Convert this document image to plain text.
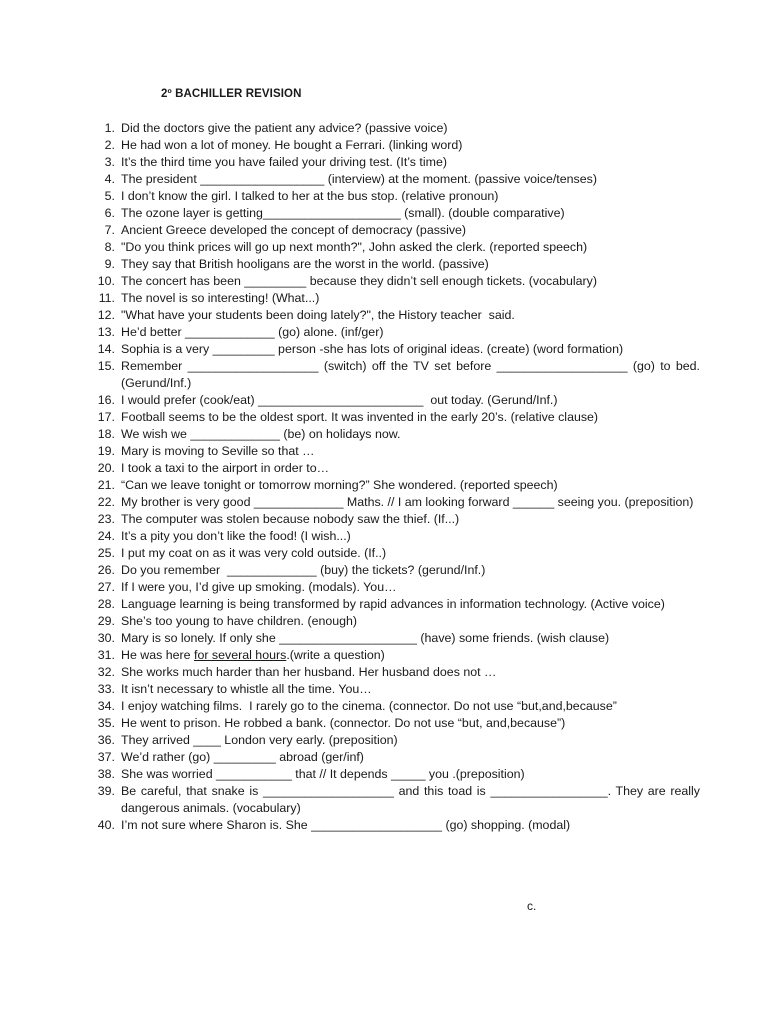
2º BACHILLER REVISION
1. Did the doctors give the patient any advice? (passive voice)
2. He had won a lot of money. He bought a Ferrari. (linking word)
3. It’s the third time you have failed your driving test. (It’s time)
4. The president __________________ (interview) at the moment. (passive voice/tenses)
5. I don’t know the girl. I talked to her at the bus stop. (relative pronoun)
6. The ozone layer is getting____________________ (small). (double comparative)
7. Ancient Greece developed the concept of democracy (passive)
8. "Do you think prices will go up next month?", John asked the clerk. (reported speech)
9. They say that British hooligans are the worst in the world. (passive)
10. The concert has been _________ because they didn’t sell enough tickets. (vocabulary)
11. The novel is so interesting! (What...)
12. "What have your students been doing lately?", the History teacher  said.
13. He’d better _____________ (go) alone. (inf/ger)
14. Sophia is a very _________ person -she has lots of original ideas. (create) (word formation)
15. Remember ___________________ (switch) off the TV set before ___________________ (go) to bed. (Gerund/Inf.)
16. I would prefer (cook/eat) ________________________  out today. (Gerund/Inf.)
17. Football seems to be the oldest sport. It was invented in the early 20’s. (relative clause)
18. We wish we _____________ (be) on holidays now.
19. Mary is moving to Seville so that …
20. I took a taxi to the airport in order to…
21. “Can we leave tonight or tomorrow morning?” She wondered. (reported speech)
22. My brother is very good _____________ Maths. // I am looking forward ______ seeing you. (preposition)
23. The computer was stolen because nobody saw the thief. (If...)
24. It’s a pity you don’t like the food! (I wish...)
25. I put my coat on as it was very cold outside. (If..)
26. Do you remember  _____________ (buy) the tickets? (gerund/Inf.)
27. If I were you, I’d give up smoking. (modals). You…
28. Language learning is being transformed by rapid advances in information technology. (Active voice)
29. She’s too young to have children. (enough)
30. Mary is so lonely. If only she ____________________ (have) some friends. (wish clause)
31. He was here for several hours.(write a question)
32. She works much harder than her husband. Her husband does not …
33. It isn’t necessary to whistle all the time. You…
34. I enjoy watching films.  I rarely go to the cinema. (connector. Do not use “but,and,because”
35. He went to prison. He robbed a bank. (connector. Do not use “but, and,because”)
36. They arrived ____ London very early. (preposition)
37. We’d rather (go) _________ abroad (ger/inf)
38. She was worried ___________ that // It depends _____ you .(preposition)
39. Be careful, that snake is ___________________ and this toad is _________________. They are really dangerous animals. (vocabulary)
40. I’m not sure where Sharon is. She ___________________ (go) shopping. (modal)
c.
